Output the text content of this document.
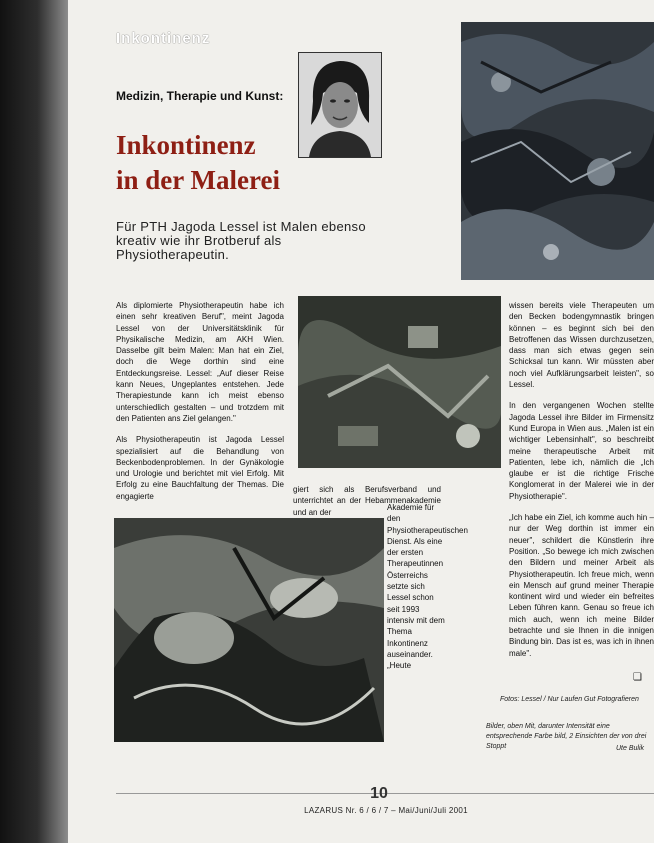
Inkontinenz
Medizin, Therapie und Kunst:
Inkontinenz
in der Malerei
Für PTH Jagoda Lessel ist Malen ebenso kreativ wie ihr Brotberuf als Physiotherapeutin.

Als diplomierte Physiotherapeutin habe ich einen sehr kreativen Beruf", meint Jagoda Lessel von der Universitätsklinik für Physikalische Medizin, am AKH Wien. Dasselbe gilt beim Malen: Man hat ein Ziel, doch die Wege dorthin sind eine Entdeckungsreise. Lessel: „Auf dieser Reise kann Neues, Ungeplantes entstehen. Jede Therapiestunde kann ich meist ebenso unterschiedlich gestalten – und trotzdem mit den Patienten ans Ziel gelangen."

Als Physiotherapeutin ist Jagoda Lessel spezialisiert auf die Behandlung von Beckenbodenproblemen. In der Gynäkologie und Urologie und berichtet mit viel Erfolg. Mit Erfolg zu eine Bauchfaltung der Themas. Die engagierte

giert sich als Berufsverband und unterrichtet an der Hebammenakademie und an der
Akademie für den Physiotherapeutischen Dienst. Als eine der ersten Therapeutinnen Österreichs setzte sich Lessel schon seit 1993 intensiv mit dem Thema Inkontinenz auseinander. „Heute

wissen bereits viele Therapeuten um den Becken bodengymnastik bringen können – es beginnt sich bei den Betroffenen das Wissen durchzusetzen, dass man sich etwas gegen sein Schicksal tun kann. Wir müssten aber noch viel Aufklärungsarbeit leisten", so Lessel.

In den vergangenen Wochen stellte Jagoda Lessel ihre Bilder im Firmensitz Kund Europa in Wien aus. „Malen ist ein wichtiger Lebensinhalt", so beschreibt meine therapeutische Arbeit mit Patienten, lebe ich, nämlich die „Ich glaube er ist die richtige Frische Konglomerat in der Malerei wie in der Physiotherapie".

„Ich habe ein Ziel, ich komme auch hin – nur der Weg dorthin ist immer ein neuer", schildert die Künstlerin ihre Position. „So bewege ich mich zwischen den Bildern und meiner Arbeit als Physiotherapeutin. Ich freue mich, wenn ein Mensch auf grund meiner Therapie kontinent wird und wieder ein befreites Leben führen kann. Genau so freue ich mich auch, wenn ich meine Bilder betrachte und sie Ihnen in die innigen Bindung bin. Das ist es, was ich in ihnen male".

❏
Fotos: Lessel / Nur Laufen Gut Fotografieren
Bilder, oben Mit, darunter Intensität eine entsprechende Farbe bild, 2 Einsichten der von drei Stoppt	Ute Bulik
10
LAZARUS Nr. 6 / 6 / 7 – Mai/Juni/Juli 2001
